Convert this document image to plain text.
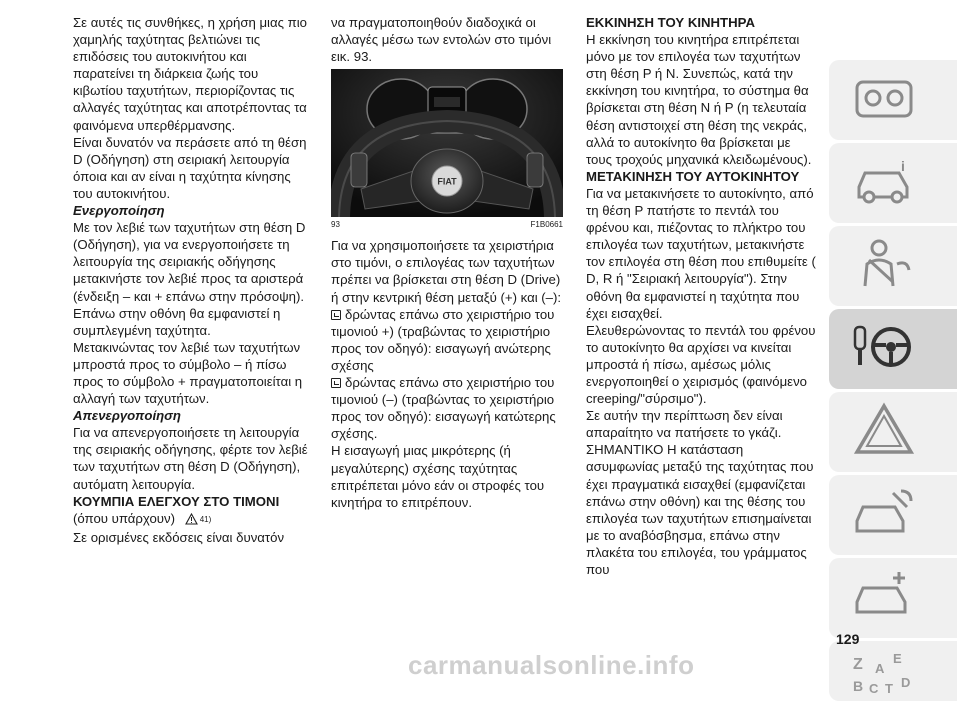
Σε αυτές τις συνθήκες, η χρήση μιας πιο χαμηλής ταχύτητας βελτιώνει τις επιδόσεις του αυτοκινήτου και παρατείνει τη διάρκεια ζωής του κιβωτίου ταχυτήτων, περιορίζοντας τις αλλαγές ταχύτητας και αποτρέποντας τα φαινόμενα υπερθέρμανσης.

Είναι δυνατόν να περάσετε από τη θέση D (Οδήγηση) στη σειριακή λειτουργία όποια και αν είναι η ταχύτητα κίνησης του αυτοκινήτου.

Ενεργοποίηση

Με τον λεβιέ των ταχυτήτων στη θέση D (Οδήγηση), για να ενεργοποιήσετε τη λειτουργία της σειριακής οδήγησης μετακινήστε τον λεβιέ προς τα αριστερά (ένδειξη – και + επάνω στην πρόσοψη). Επάνω στην οθόνη θα εμφανιστεί η συμπλεγμένη ταχύτητα.

Μετακινώντας τον λεβιέ των ταχυτήτων μπροστά προς το σύμβολο – ή πίσω προς το σύμβολο + πραγματοποιείται η αλλαγή των ταχυτήτων.

Απενεργοποίηση

Για να απενεργοποιήσετε τη λειτουργία της σειριακής οδήγησης, φέρτε τον λεβιέ των ταχυτήτων στη θέση D (Οδήγηση), αυτόματη λειτουργία.

ΚΟΥΜΠΙΑ ΕΛΕΓΧΟΥ ΣΤΟ ΤΙΜΟΝΙ

(όπου υπάρχουν)	41)

Σε ορισμένες εκδόσεις είναι δυνατόν

να πραγματοποιηθούν διαδοχικά οι αλλαγές μέσω των εντολών στο τιμόνι εικ. 93.

FIAT
93	F1B0661

Για να χρησιμοποιήσετε τα χειριστήρια στο τιμόνι, ο επιλογέας των ταχυτήτων πρέπει να βρίσκεται στη θέση D (Drive) ή στην κεντρική θέση μεταξύ (+) και (–):

δρώντας επάνω στο χειριστήριο του τιμονιού +) (τραβώντας το χειριστήριο προς τον οδηγό): εισαγωγή ανώτερης σχέσης

δρώντας επάνω στο χειριστήριο του τιμονιού (–) (τραβώντας το χειριστήριο προς τον οδηγό): εισαγωγή κατώτερης σχέσης.

Η εισαγωγή μιας μικρότερης (ή μεγαλύτερης) σχέσης ταχύτητας επιτρέπεται μόνο εάν οι στροφές του κινητήρα το επιτρέπουν.

ΕΚΚΙΝΗΣΗ ΤΟΥ ΚΙΝΗΤΗΡΑ

Η εκκίνηση του κινητήρα επιτρέπεται μόνο με τον επιλογέα των ταχυτήτων στη θέση P ή N. Συνεπώς, κατά την εκκίνηση του κινητήρα, το σύστημα θα βρίσκεται στη θέση N ή P (η τελευταία θέση αντιστοιχεί στη θέση της νεκράς, αλλά το αυτοκίνητο θα βρίσκεται με τους τροχούς μηχανικά κλειδωμένους).

ΜΕΤΑΚΙΝΗΣΗ ΤΟΥ ΑΥΤΟΚΙΝΗΤΟΥ

Για να μετακινήσετε το αυτοκίνητο, από τη θέση P πατήστε το πεντάλ του φρένου και, πιέζοντας το πλήκτρο του επιλογέα των ταχυτήτων, μετακινήστε τον επιλογέα στη θέση που επιθυμείτε ( D, R ή "Σειριακή λειτουργία"). Στην οθόνη θα εμφανιστεί η ταχύτητα που έχει εισαχθεί.

Ελευθερώνοντας το πεντάλ του φρένου το αυτοκίνητο θα αρχίσει να κινείται μπροστά ή πίσω, αμέσως μόλις ενεργοποιηθεί ο χειρισμός (φαινόμενο creeping/"σύρσιμο").

Σε αυτήν την περίπτωση δεν είναι απαραίτητο να πατήσετε το γκάζι.

ΣΗΜΑΝΤΙΚΟ Η κατάσταση ασυμφωνίας μεταξύ της ταχύτητας που έχει πραγματικά εισαχθεί (εμφανίζεται επάνω στην οθόνη) και της θέσης του επιλογέα των ταχυτήτων επισημαίνεται με το αναβόσβησμα, επάνω στην πλακέτα του επιλογέα, του γράμματος που

i
Z E
A
B C T D
129
carmanualsonline.info
